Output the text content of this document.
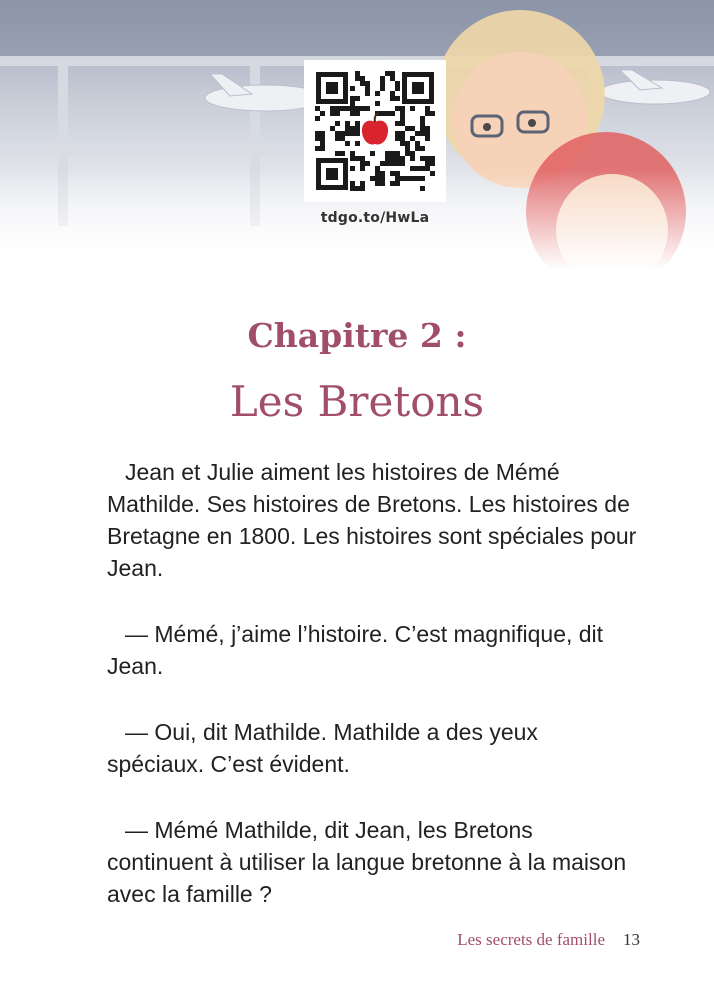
tdgo.to/HwLa
Chapitre 2 :
Les Bretons

Jean et Julie aiment les histoires de Mémé Mathilde. Ses histoires de Bretons. Les histoires de Bretagne en 1800. Les histoires sont spéciales pour Jean.

— Mémé, j’aime l’histoire. C’est magnifique, dit Jean.

— Oui, dit Mathilde. Mathilde a des yeux spéciaux. C’est évident.

— Mémé Mathilde, dit Jean, les Bretons continuent à utiliser la langue bretonne à la maison avec la famille ?

Les secrets de famille 13
